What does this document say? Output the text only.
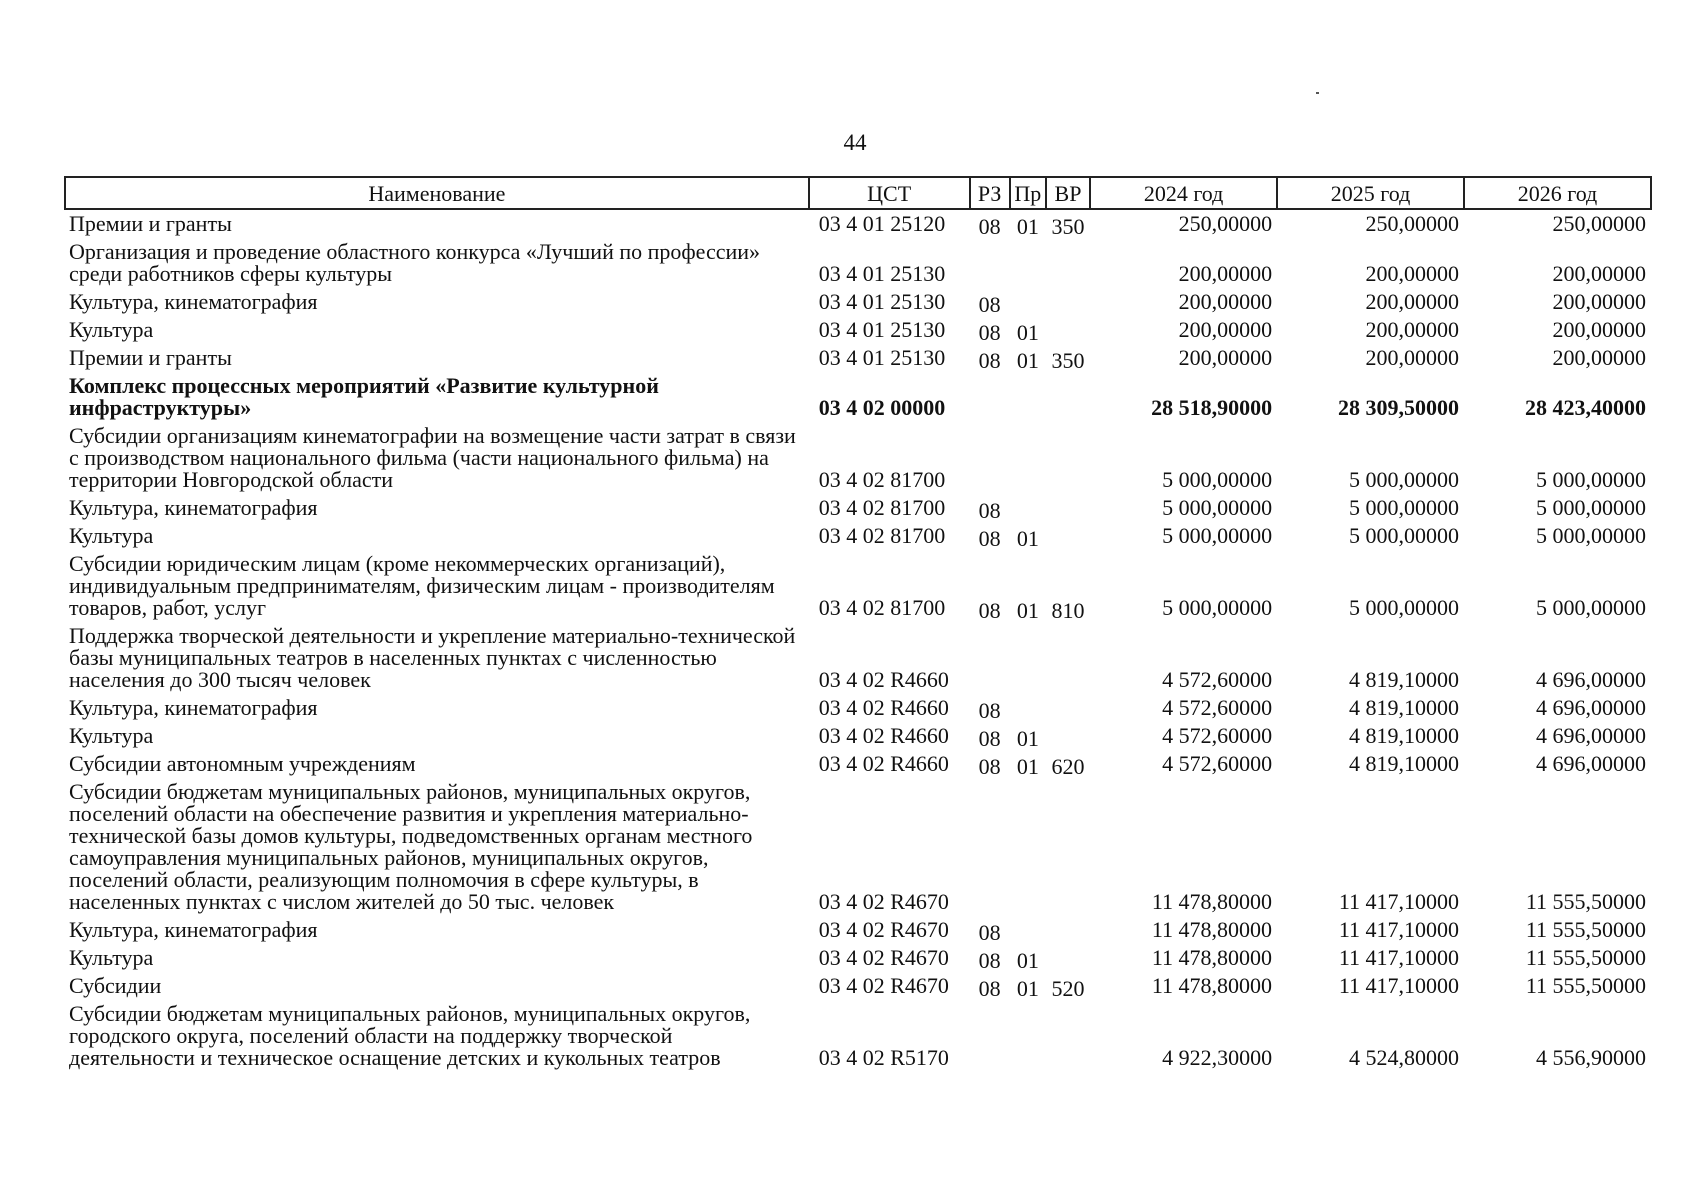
44
Наименование	ЦСТ	РЗ	Пр	ВР	2024 год	2025 год	2026 год
Премии и гранты	03 4 01 25120	08	01	350	250,00000	250,00000	250,00000
Организация и проведение областного конкурса «Лучший по профессии» среди работников сферы культуры	03 4 01 25130				200,00000	200,00000	200,00000
Культура, кинематография	03 4 01 25130	08			200,00000	200,00000	200,00000
Культура	03 4 01 25130	08	01		200,00000	200,00000	200,00000
Премии и гранты	03 4 01 25130	08	01	350	200,00000	200,00000	200,00000
Комплекс процессных мероприятий «Развитие культурной инфраструктуры»	03 4 02 00000				28 518,90000	28 309,50000	28 423,40000
Субсидии организациям кинематографии на возмещение части затрат в связи с производством национального фильма (части национального фильма) на территории Новгородской области	03 4 02 81700				5 000,00000	5 000,00000	5 000,00000
Культура, кинематография	03 4 02 81700	08			5 000,00000	5 000,00000	5 000,00000
Культура	03 4 02 81700	08	01		5 000,00000	5 000,00000	5 000,00000
Субсидии юридическим лицам (кроме некоммерческих организаций), индивидуальным предпринимателям, физическим лицам - производителям товаров, работ, услуг	03 4 02 81700	08	01	810	5 000,00000	5 000,00000	5 000,00000
Поддержка творческой деятельности и укрепление материально-технической базы муниципальных театров в населенных пунктах с численностью населения до 300 тысяч человек	03 4 02 R4660				4 572,60000	4 819,10000	4 696,00000
Культура, кинематография	03 4 02 R4660	08			4 572,60000	4 819,10000	4 696,00000
Культура	03 4 02 R4660	08	01		4 572,60000	4 819,10000	4 696,00000
Субсидии автономным учреждениям	03 4 02 R4660	08	01	620	4 572,60000	4 819,10000	4 696,00000
Субсидии бюджетам муниципальных районов, муниципальных округов, поселений области на обеспечение развития и укрепления материально-технической базы домов культуры, подведомственных органам местного самоуправления муниципальных районов, муниципальных округов, поселений области, реализующим полномочия в сфере культуры, в населенных пунктах с числом жителей до 50 тыс. человек	03 4 02 R4670				11 478,80000	11 417,10000	11 555,50000
Культура, кинематография	03 4 02 R4670	08			11 478,80000	11 417,10000	11 555,50000
Культура	03 4 02 R4670	08	01		11 478,80000	11 417,10000	11 555,50000
Субсидии	03 4 02 R4670	08	01	520	11 478,80000	11 417,10000	11 555,50000
Субсидии бюджетам муниципальных районов, муниципальных округов, городского округа, поселений области на поддержку творческой деятельности и техническое оснащение детских и кукольных театров	03 4 02 R5170				4 922,30000	4 524,80000	4 556,90000
